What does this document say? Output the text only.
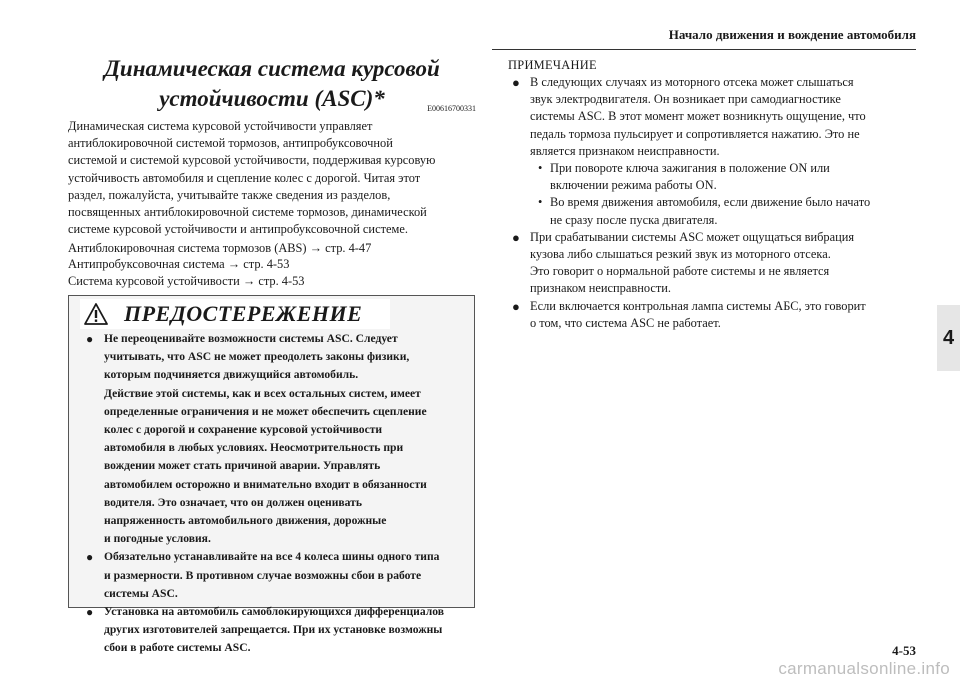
Начало движения и вождение автомобиля
4
Динамическая система курсовой
устойчивости (ASC)*	E00616700331
Динамическая система курсовой устойчивости управляет
антиблокировочной системой тормозов, антипробуксовочной
системой и системой курсовой устойчивости, поддерживая курсовую
устойчивость автомобиля и сцепление колес с дорогой. Читая этот
раздел, пожалуйста, учитывайте также сведения из разделов,
посвященных антиблокировочной системе тормозов, динамической
системе курсовой устойчивости и антипробуксовочной системе.
Антиблокировочная система тормозов (ABS) → стр. 4-47
Антипробуксовочная система → стр. 4-53
Система курсовой устойчивости → стр. 4-53
ПРЕДОСТЕРЕЖЕНИЕ
● Не переоценивайте возможности системы ASC. Следует
учитывать, что ASC не может преодолеть законы физики,
которым подчиняется движущийся автомобиль.
Действие этой системы, как и всех остальных систем, имеет
определенные ограничения и не может обеспечить сцепление
колес с дорогой и сохранение курсовой устойчивости
автомобиля в любых условиях. Неосмотрительность при
вождении может стать причиной аварии. Управлять
автомобилем осторожно и внимательно входит в обязанности
водителя. Это означает, что он должен оценивать
напряженность автомобильного движения, дорожные
и погодные условия.
● Обязательно устанавливайте на все 4 колеса шины одного типа
и размерности. В противном случае возможны сбои в работе
системы ASC.
● Установка на автомобиль самоблокирующихся дифференциалов
других изготовителей запрещается. При их установке возможны
сбои в работе системы ASC.
ПРИМЕЧАНИЕ
● В следующих случаях из моторного отсека может слышаться
звук электродвигателя. Он возникает при самодиагностике
системы ASC. В этот момент может возникнуть ощущение, что
педаль тормоза пульсирует и сопротивляется нажатию. Это не
является признаком неисправности.
• При повороте ключа зажигания в положение ON или
включении режима работы ON.
• Во время движения автомобиля, если движение было начато
не сразу после пуска двигателя.
● При срабатывании системы ASC может ощущаться вибрация
кузова либо слышаться резкий звук из моторного отсека.
Это говорит о нормальной работе системы и не является
признаком неисправности.
● Если включается контрольная лампа системы АБС, это говорит
о том, что система ASC не работает.
4-53
carmanualsonline.info
